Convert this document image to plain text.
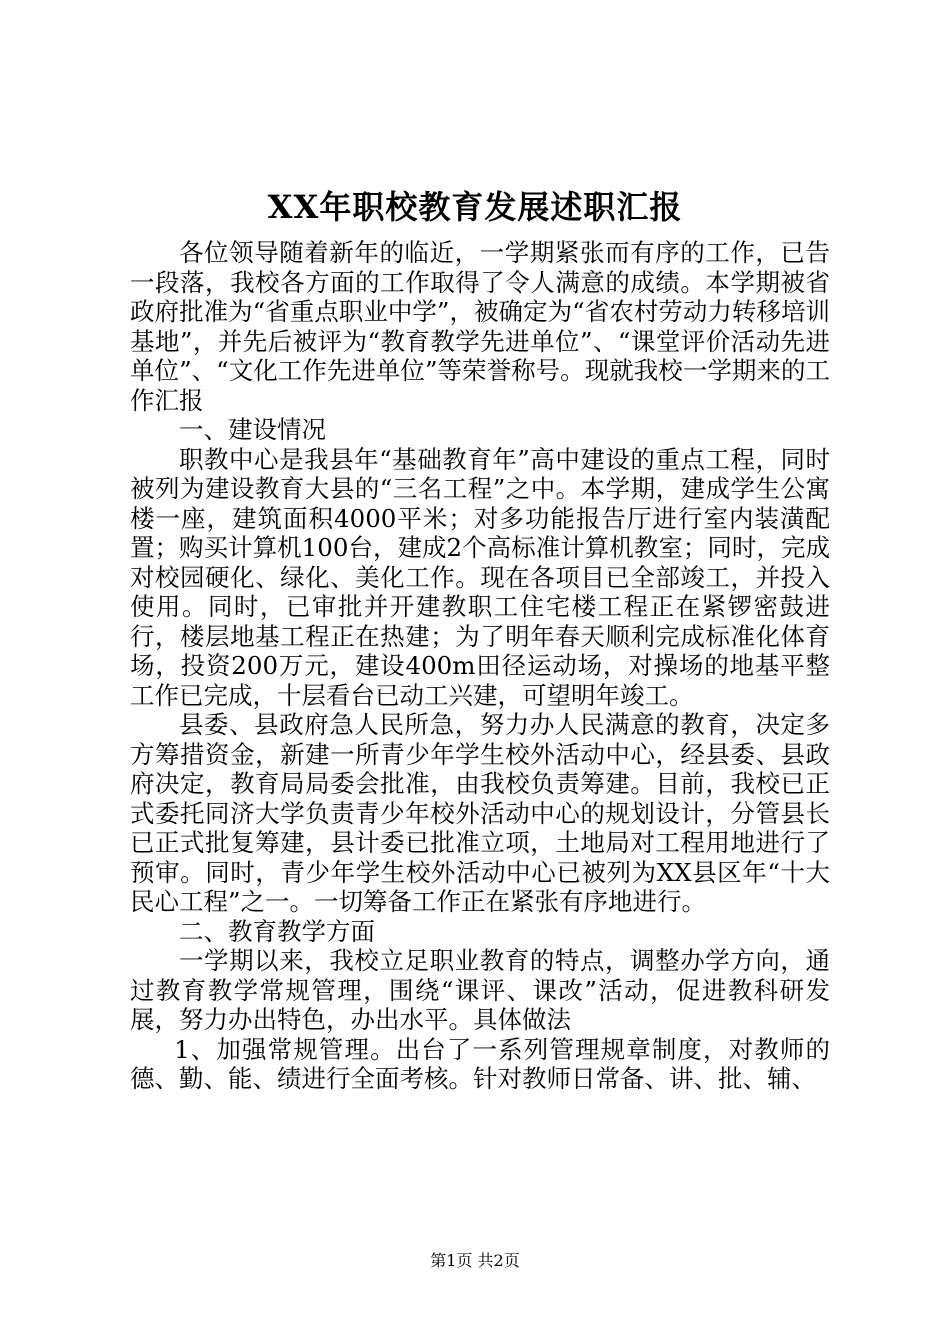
XX年职校教育发展述职汇报

各位领导随着新年的临近，一学期紧张而有序的工作，已告一段落，我校各方面的工作取得了令人满意的成绩。本学期被省政府批准为“省重点职业中学”，被确定为“省农村劳动力转移培训基地”，并先后被评为“教育教学先进单位”、“课堂评价活动先进单位”、“文化工作先进单位”等荣誉称号。现就我校一学期来的工作汇报

一、建设情况

职教中心是我县年“基础教育年”高中建设的重点工程，同时被列为建设教育大县的“三名工程”之中。本学期，建成学生公寓楼一座，建筑面积4000平米；对多功能报告厅进行室内装潢配置；购买计算机100台，建成2个高标准计算机教室；同时，完成对校园硬化、绿化、美化工作。现在各项目已全部竣工，并投入使用。同时，已审批并开建教职工住宅楼工程正在紧锣密鼓进行，楼层地基工程正在热建；为了明年春天顺利完成标准化体育场，投资200万元，建设400m田径运动场，对操场的地基平整工作已完成，十层看台已动工兴建，可望明年竣工。

县委、县政府急人民所急，努力办人民满意的教育，决定多方筹措资金，新建一所青少年学生校外活动中心，经县委、县政府决定，教育局局委会批准，由我校负责筹建。目前，我校已正式委托同济大学负责青少年校外活动中心的规划设计，分管县长已正式批复筹建，县计委已批准立项，土地局对工程用地进行了预审。同时，青少年学生校外活动中心已被列为XX县区年“十大民心工程”之一。一切筹备工作正在紧张有序地进行。

二、教育教学方面

一学期以来，我校立足职业教育的特点，调整办学方向，通过教育教学常规管理，围绕“课评、课改”活动，促进教科研发展，努力办出特色，办出水平。具体做法

1、加强常规管理。出台了一系列管理规章制度，对教师的德、勤、能、绩进行全面考核。针对教师日常备、讲、批、辅、

第1页 共2页
